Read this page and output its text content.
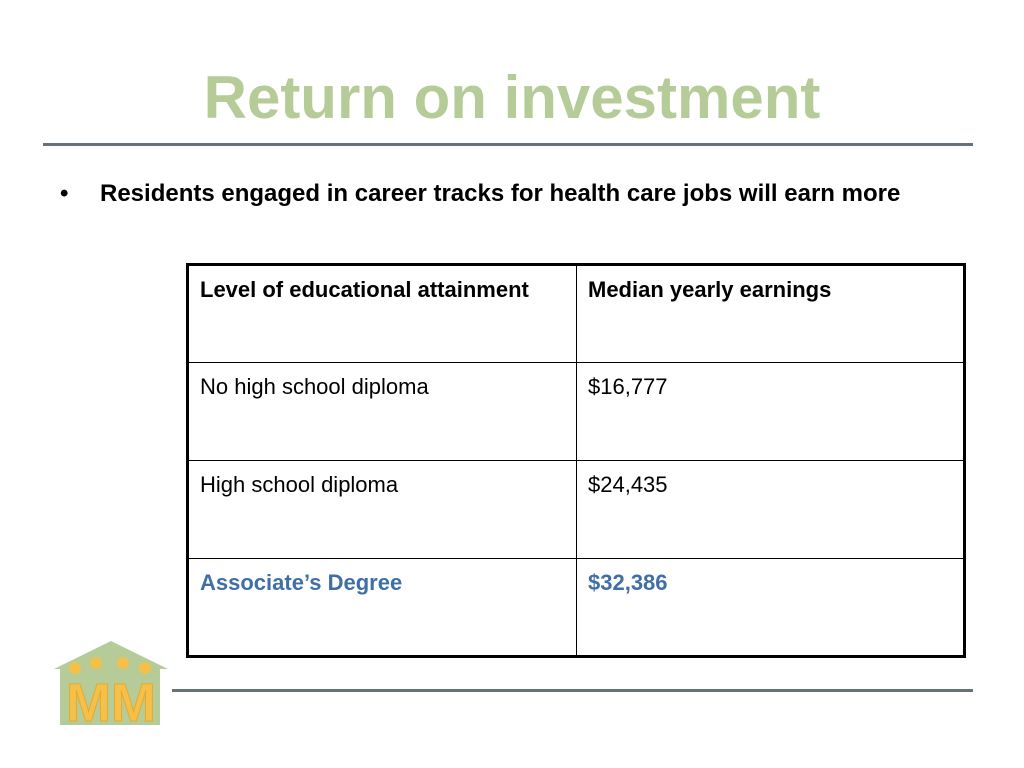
Return on investment
• Residents engaged in career tracks for health care jobs will earn more
Level of educational attainment	Median yearly earnings
No high school diploma	$16,777
High school diploma	$24,435
Associate’s Degree	$32,386
MM
